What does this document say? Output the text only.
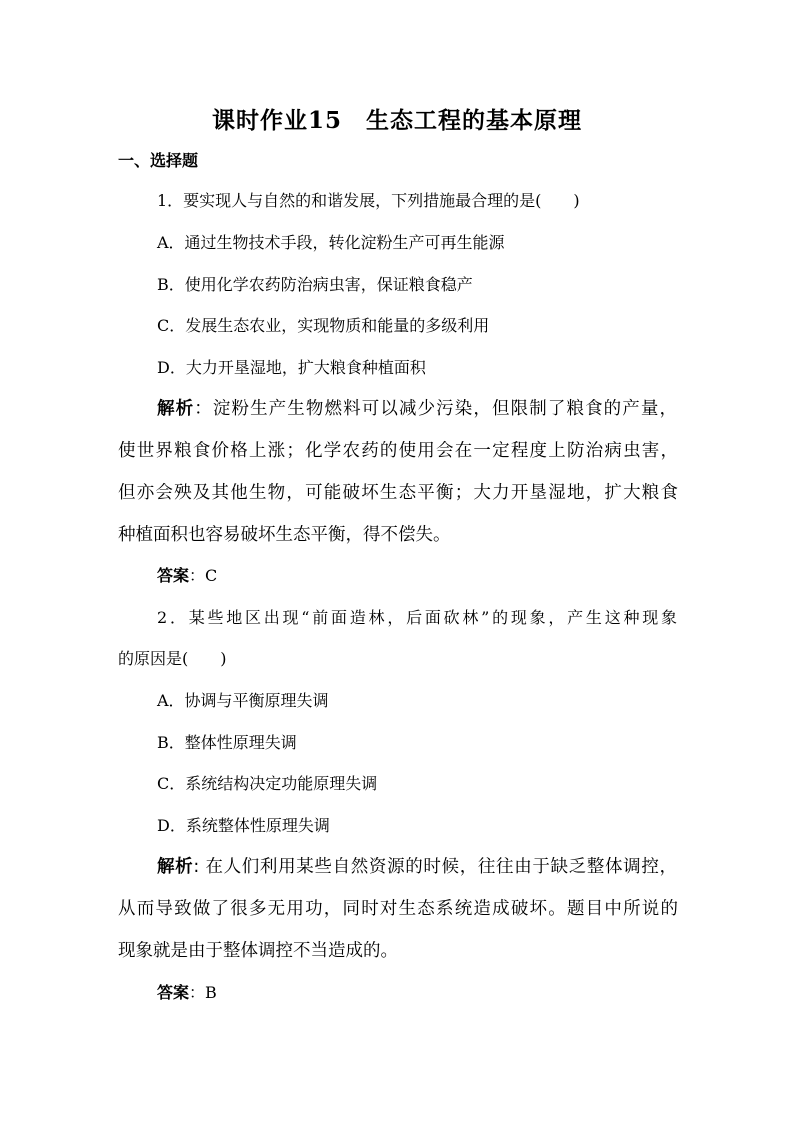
课时作业15　生态工程的基本原理
一、选择题
1．要实现人与自然的和谐发展，下列措施最合理的是(　　)
A．通过生物技术手段，转化淀粉生产可再生能源
B．使用化学农药防治病虫害，保证粮食稳产
C．发展生态农业，实现物质和能量的多级利用
D．大力开垦湿地，扩大粮食种植面积
解析：淀粉生产生物燃料可以减少污染，但限制了粮食的产量，
使世界粮食价格上涨；化学农药的使用会在一定程度上防治病虫害，
但亦会殃及其他生物，可能破坏生态平衡；大力开垦湿地，扩大粮食
种植面积也容易破坏生态平衡，得不偿失。
答案：C
2．某些地区出现“前面造林，后面砍林”的现象，产生这种现象
的原因是(　　)
A．协调与平衡原理失调
B．整体性原理失调
C．系统结构决定功能原理失调
D．系统整体性原理失调
解析: 在人们利用某些自然资源的时候，往往由于缺乏整体调控，
从而导致做了很多无用功，同时对生态系统造成破坏。题目中所说的
现象就是由于整体调控不当造成的。
答案：B
